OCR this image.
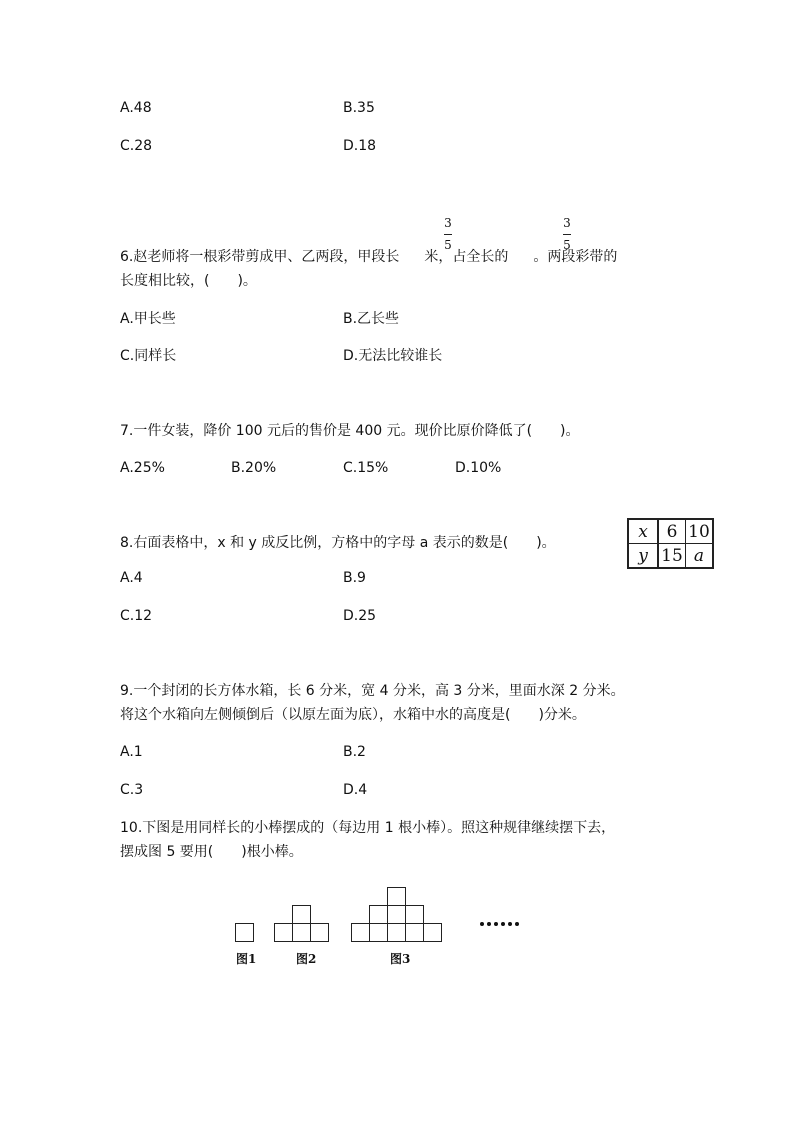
A.48	B.35
C.28	D.18
6.赵老师将一根彩带剪成甲、乙两段，甲段长 米，占全长的 。两段彩带的
3
5
3
5
长度相比较，(　　)。
A.甲长些	B.乙长些
C.同样长	D.无法比较谁长
7.一件女装，降价 100 元后的售价是 400 元。现价比原价降低了(　　)。
A.25%	B.20%	C.15%	D.10%
8.右面表格中，x 和 y 成反比例，方格中的字母 a 表示的数是(　　)。
x	6	10
y	15	a
A.4	B.9
C.12	D.25
9.一个封闭的长方体水箱，长 6 分米，宽 4 分米，高 3 分米，里面水深 2 分米。
将这个水箱向左侧倾倒后（以原左面为底），水箱中水的高度是(　　)分米。
A.1	B.2
C.3	D.4
10.下图是用同样长的小棒摆成的（每边用 1 根小棒）。照这种规律继续摆下去，
摆成图 5 要用(　　)根小棒。
图1	图2	图3
